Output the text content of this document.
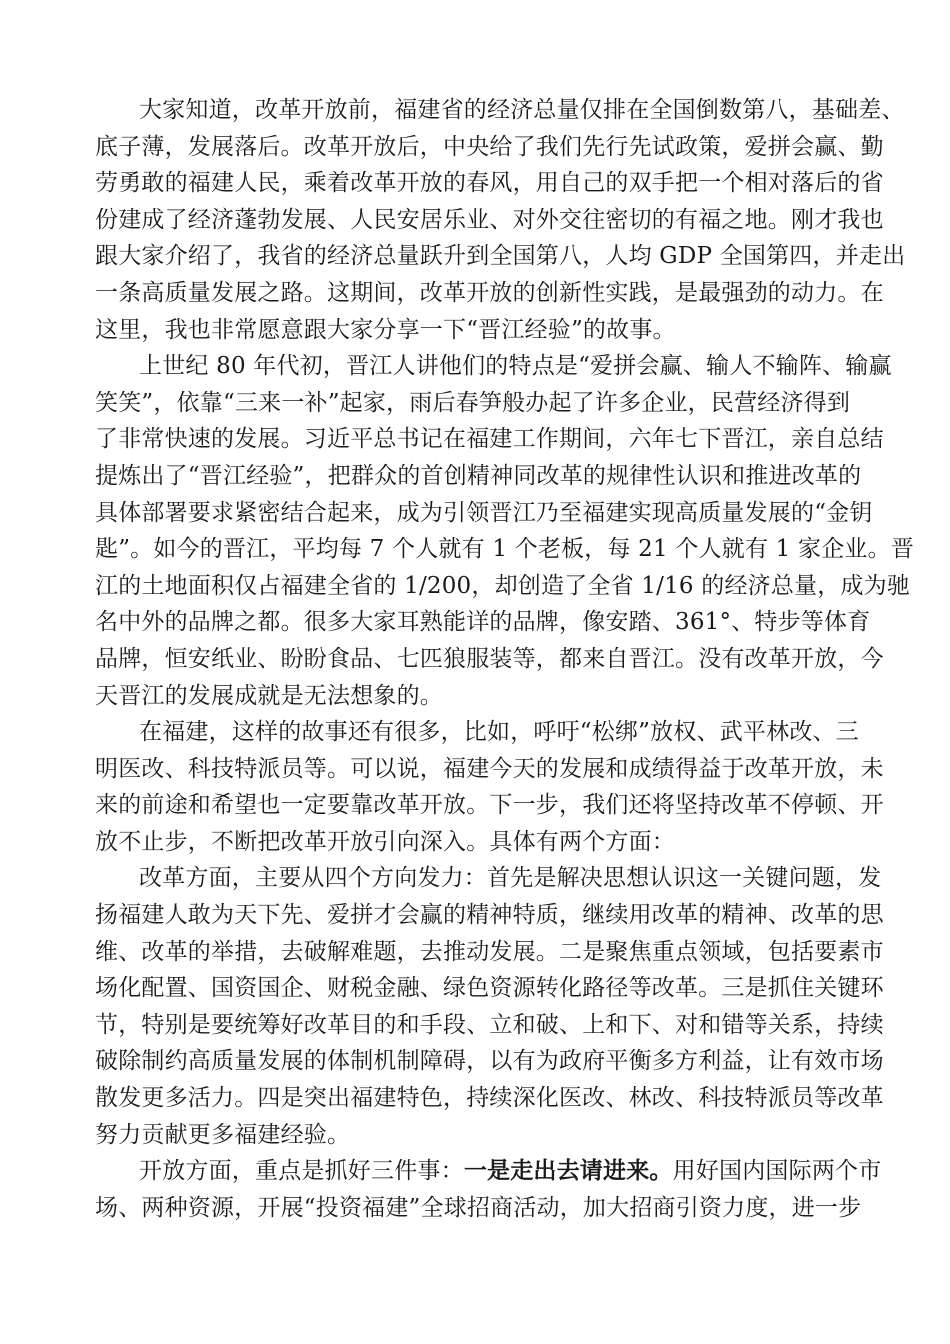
大家知道，改革开放前，福建省的经济总量仅排在全国倒数第八，基础差、
底子薄，发展落后。改革开放后，中央给了我们先行先试政策，爱拼会赢、勤
劳勇敢的福建人民，乘着改革开放的春风，用自己的双手把一个相对落后的省
份建成了经济蓬勃发展、人民安居乐业、对外交往密切的有福之地。刚才我也
跟大家介绍了，我省的经济总量跃升到全国第八，人均 GDP 全国第四，并走出
一条高质量发展之路。这期间，改革开放的创新性实践，是最强劲的动力。在
这里，我也非常愿意跟大家分享一下“晋江经验”的故事。
上世纪 80 年代初，晋江人讲他们的特点是“爱拼会赢、输人不输阵、输赢
笑笑”，依靠“三来一补”起家，雨后春笋般办起了许多企业，民营经济得到
了非常快速的发展。习近平总书记在福建工作期间，六年七下晋江，亲自总结
提炼出了“晋江经验”，把群众的首创精神同改革的规律性认识和推进改革的
具体部署要求紧密结合起来，成为引领晋江乃至福建实现高质量发展的“金钥
匙”。如今的晋江，平均每 7 个人就有 1 个老板，每 21 个人就有 1 家企业。晋
江的土地面积仅占福建全省的 1/200，却创造了全省 1/16 的经济总量，成为驰
名中外的品牌之都。很多大家耳熟能详的品牌，像安踏、361°、特步等体育
品牌，恒安纸业、盼盼食品、七匹狼服装等，都来自晋江。没有改革开放，今
天晋江的发展成就是无法想象的。
在福建，这样的故事还有很多，比如，呼吁“松绑”放权、武平林改、三
明医改、科技特派员等。可以说，福建今天的发展和成绩得益于改革开放，未
来的前途和希望也一定要靠改革开放。下一步，我们还将坚持改革不停顿、开
放不止步，不断把改革开放引向深入。具体有两个方面：
改革方面，主要从四个方向发力：首先是解决思想认识这一关键问题，发
扬福建人敢为天下先、爱拼才会赢的精神特质，继续用改革的精神、改革的思
维、改革的举措，去破解难题，去推动发展。二是聚焦重点领域，包括要素市
场化配置、国资国企、财税金融、绿色资源转化路径等改革。三是抓住关键环
节，特别是要统筹好改革目的和手段、立和破、上和下、对和错等关系，持续
破除制约高质量发展的体制机制障碍，以有为政府平衡多方利益，让有效市场
散发更多活力。四是突出福建特色，持续深化医改、林改、科技特派员等改革
努力贡献更多福建经验。
开放方面，重点是抓好三件事：一是走出去请进来。用好国内国际两个市
场、两种资源，开展“投资福建”全球招商活动，加大招商引资力度，进一步
